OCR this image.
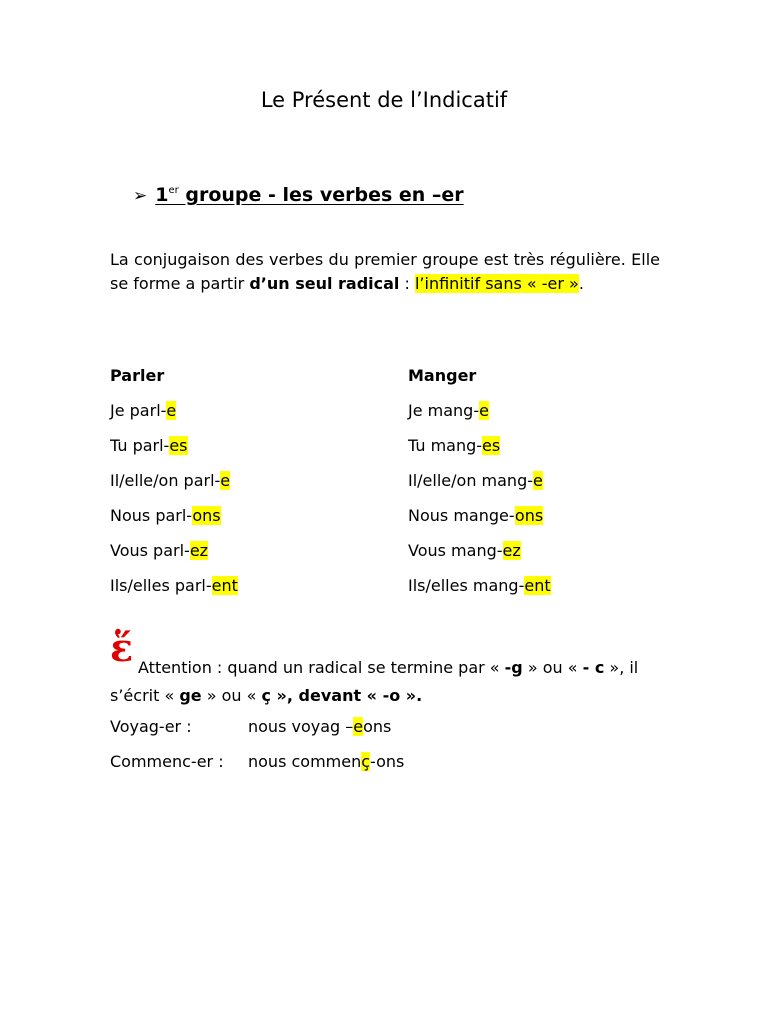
Le Présent de l’Indicatif
➢ 1er groupe - les verbes en –er
La conjugaison des verbes du premier groupe est très régulière. Elle se forme a partir d’un seul radical : l’infinitif sans « -er ».
Parler
Je parl-e
Tu parl-es
Il/elle/on parl-e
Nous parl-ons
Vous parl-ez
Ils/elles parl-ent
Manger
Je mang-e
Tu mang-es
Il/elle/on mang-e
Nous mange-ons
Vous mang-ez
Ils/elles mang-ent
ἕ Attention : quand un radical se termine par « -g » ou « - c », il s’écrit « ge » ou « ç », devant « -o ».
Voyag-er :	nous voyag –eons
Commenc-er : nous commenç-ons
